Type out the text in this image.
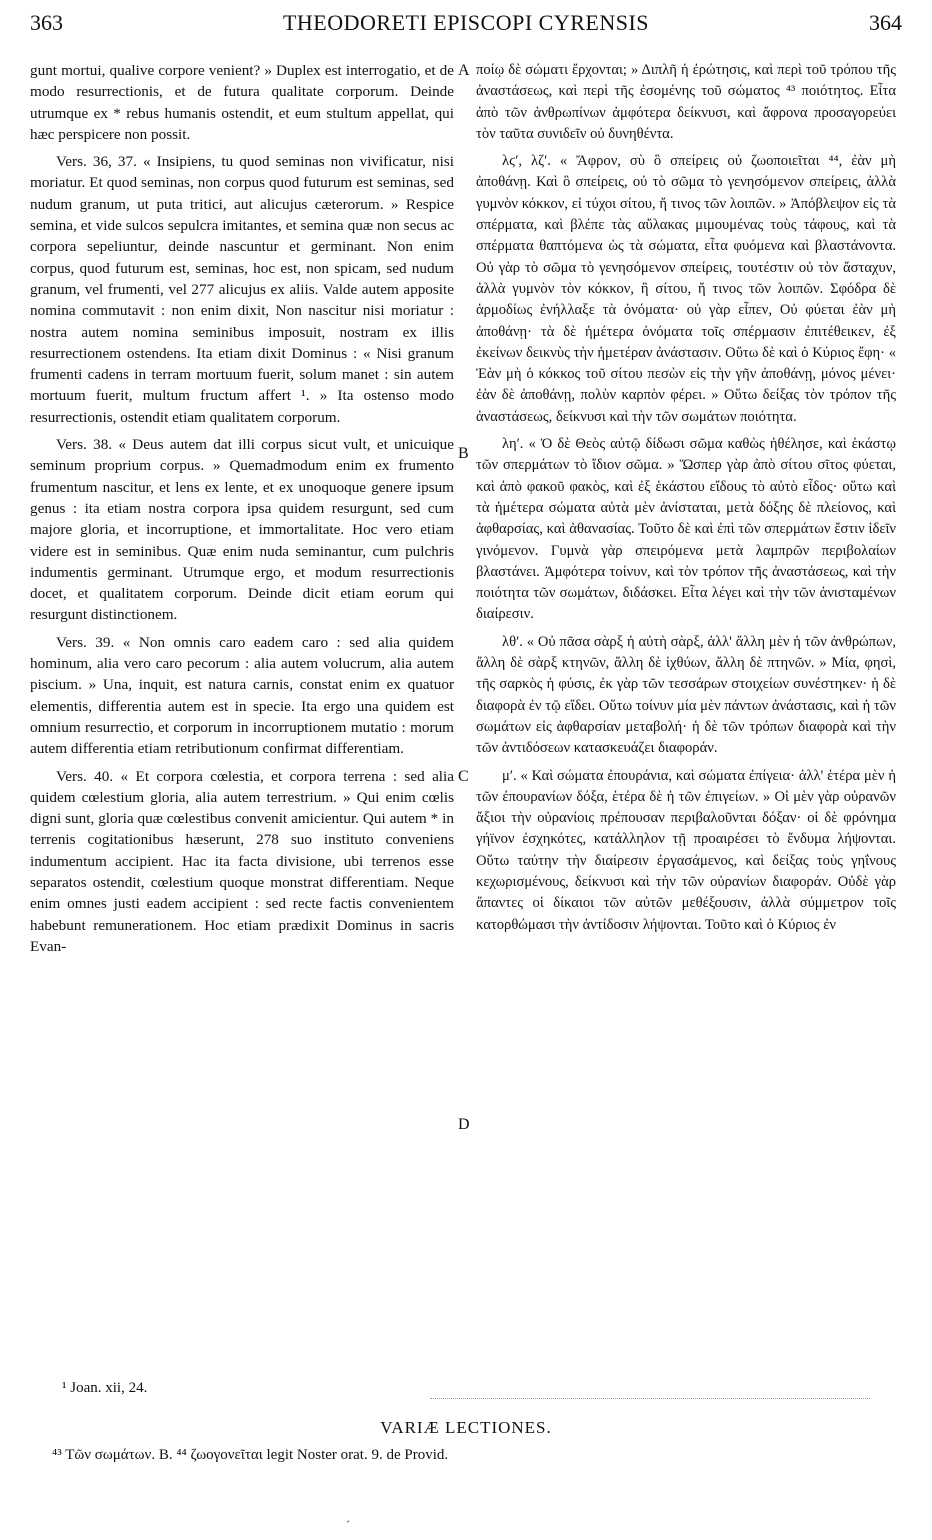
363	THEODORETI EPISCOPI CYRENSIS	364

gunt mortui, qualive corpore venient? » Duplex est interrogatio, et de modo resurrectionis, et de futura qualitate corporum. Deinde utrumque ex * rebus humanis ostendit, et eum stultum appellat, qui hæc perspicere non possit.

Vers. 36, 37. « Insipiens, tu quod seminas non vivificatur, nisi moriatur. Et quod seminas, non corpus quod futurum est seminas, sed nudum granum, ut puta tritici, aut alicujus cæterorum. » Respice semina, et vide sulcos sepulcra imitantes, et semina quæ non secus ac corpora sepeliuntur, deinde nascuntur et germinant. Non enim corpus, quod futurum est, seminas, hoc est, non spicam, sed nudum granum, vel frumenti, vel 277 alicujus ex aliis. Valde autem apposite nomina commutavit : non enim dixit, Non nascitur nisi moriatur : nostra autem nomina seminibus imposuit, nostram ex illis resurrectionem ostendens. Ita etiam dixit Dominus : « Nisi granum frumenti cadens in terram mortuum fuerit, solum manet : sin autem mortuum fuerit, multum fructum affert ¹. » Ita ostenso modo resurrectionis, ostendit etiam qualitatem corporum.

Vers. 38. « Deus autem dat illi corpus sicut vult, et unicuique seminum proprium corpus. » Quemadmodum enim ex frumento frumentum nascitur, et lens ex lente, et ex unoquoque genere ipsum genus : ita etiam nostra corpora ipsa quidem resurgunt, sed cum majore gloria, et incorruptione, et immortalitate. Hoc vero etiam videre est in seminibus. Quæ enim nuda seminantur, cum pulchris indumentis germinant. Utrumque ergo, et modum resurrectionis docet, et qualitatem corporum. Deinde dicit etiam eorum qui resurgunt distinctionem.

Vers. 39. « Non omnis caro eadem caro : sed alia quidem hominum, alia vero caro pecorum : alia autem volucrum, alia autem piscium. » Una, inquit, est natura carnis, constat enim ex quatuor elementis, differentia autem est in specie. Ita ergo una quidem est omnium resurrectio, et corporum in incorruptionem mutatio : morum autem differentia etiam retributionum confirmat differentiam.

Vers. 40. « Et corpora cœlestia, et corpora terrena : sed alia quidem cœlestium gloria, alia autem terrestrium. » Qui enim cœlis digni sunt, gloria quæ cœlestibus convenit amicientur. Qui autem * in terrenis cogitationibus hæserunt, 278 suo instituto conveniens indumentum accipient. Hac ita facta divisione, ubi terrenos esse separatos ostendit, cœlestium quoque monstrat differentiam. Neque enim omnes justi eadem accipient : sed recte factis convenientem habebunt remunerationem. Hoc etiam prædixit Dominus in sacris Evan-

A
B
C
D

ποίῳ δὲ σώματι ἔρχονται; » Διπλῆ ἡ ἐρώτησις, καὶ περὶ τοῦ τρόπου τῆς ἀναστάσεως, καὶ περὶ τῆς ἐσομένης τοῦ σώματος ⁴³ ποιότητος. Εἶτα ἀπὸ τῶν ἀνθρωπίνων ἀμφότερα δείκνυσι, καὶ ἄφρονα προσαγορεύει τὸν ταῦτα συνιδεῖν οὐ δυνηθέντα.

λϛʹ, λζʹ. « Ἄφρον, σὺ ὃ σπείρεις οὐ ζωοποιεῖται ⁴⁴, ἐὰν μὴ ἀποθάνῃ. Καὶ ὃ σπείρεις, οὐ τὸ σῶμα τὸ γενησόμενον σπείρεις, ἀλλὰ γυμνὸν κόκκον, εἰ τύχοι σίτου, ἤ τινος τῶν λοιπῶν. » Ἀπόβλεψον εἰς τὰ σπέρματα, καὶ βλέπε τὰς αὔλακας μιμουμένας τοὺς τάφους, καὶ τὰ σπέρματα θαπτόμενα ὡς τὰ σώματα, εἶτα φυόμενα καὶ βλαστάνοντα. Οὐ γὰρ τὸ σῶμα τὸ γενησόμενον σπείρεις, τουτέστιν οὐ τὸν ἄσταχυν, ἀλλὰ γυμνὸν τὸν κόκκον, ἢ σίτου, ἤ τινος τῶν λοιπῶν. Σφόδρα δὲ ἁρμοδίως ἐνήλλαξε τὰ ὀνόματα· οὐ γὰρ εἶπεν, Οὐ φύεται ἐὰν μὴ ἀποθάνῃ· τὰ δὲ ἡμέτερα ὀνόματα τοῖς σπέρμασιν ἐπιτέθεικεν, ἐξ ἐκείνων δεικνὺς τὴν ἡμετέραν ἀνάστασιν. Οὕτω δὲ καὶ ὁ Κύριος ἔφη· « Ἐὰν μὴ ὁ κόκκος τοῦ σίτου πεσὼν εἰς τὴν γῆν ἀποθάνῃ, μόνος μένει· ἐὰν δὲ ἀποθάνῃ, πολὺν καρπὸν φέρει. » Οὕτω δείξας τὸν τρόπον τῆς ἀναστάσεως, δείκνυσι καὶ τὴν τῶν σωμάτων ποιότητα.

ληʹ. « Ὁ δὲ Θεὸς αὐτῷ δίδωσι σῶμα καθὼς ἠθέλησε, καὶ ἑκάστῳ τῶν σπερμάτων τὸ ἴδιον σῶμα. » Ὥσπερ γὰρ ἀπὸ σίτου σῖτος φύεται, καὶ ἀπὸ φακοῦ φακὸς, καὶ ἐξ ἑκάστου εἴδους τὸ αὐτὸ εἶδος· οὕτω καὶ τὰ ἡμέτερα σώματα αὐτὰ μὲν ἀνίσταται, μετὰ δόξης δὲ πλείονος, καὶ ἀφθαρσίας, καὶ ἀθανασίας. Τοῦτο δὲ καὶ ἐπὶ τῶν σπερμάτων ἔστιν ἰδεῖν γινόμενον. Γυμνὰ γὰρ σπειρόμενα μετὰ λαμπρῶν περιβολαίων βλαστάνει. Ἀμφότερα τοίνυν, καὶ τὸν τρόπον τῆς ἀναστάσεως, καὶ τὴν ποιότητα τῶν σωμάτων, διδάσκει. Εἶτα λέγει καὶ τὴν τῶν ἀνισταμένων διαίρεσιν.

λθʹ. « Οὐ πᾶσα σὰρξ ἡ αὐτὴ σὰρξ, ἀλλ' ἄλλη μὲν ἡ τῶν ἀνθρώπων, ἄλλη δὲ σὰρξ κτηνῶν, ἄλλη δὲ ἰχθύων, ἄλλη δὲ πτηνῶν. » Μία, φησὶ, τῆς σαρκὸς ἡ φύσις, ἐκ γὰρ τῶν τεσσάρων στοιχείων συνέστηκεν· ἡ δὲ διαφορὰ ἐν τῷ εἴδει. Οὕτω τοίνυν μία μὲν πάντων ἀνάστασις, καὶ ἡ τῶν σωμάτων εἰς ἀφθαρσίαν μεταβολή· ἡ δὲ τῶν τρόπων διαφορὰ καὶ τὴν τῶν ἀντιδόσεων κατασκευάζει διαφοράν.

μʹ. « Καὶ σώματα ἐπουράνια, καὶ σώματα ἐπίγεια· ἀλλ' ἑτέρα μὲν ἡ τῶν ἐπουρανίων δόξα, ἑτέρα δὲ ἡ τῶν ἐπιγείων. » Οἱ μὲν γὰρ οὐρανῶν ἄξιοι τὴν οὐρανίοις πρέπουσαν περιβαλοῦνται δόξαν· οἱ δὲ φρόνημα γήϊνον ἐσχηκότες, κατάλληλον τῇ προαιρέσει τὸ ἔνδυμα λήψονται. Οὕτω ταύτην τὴν διαίρεσιν ἐργασάμενος, καὶ δείξας τοὺς γηΐνους κεχωρισμένους, δείκνυσι καὶ τὴν τῶν οὐρανίων διαφοράν. Οὐδὲ γὰρ ἅπαντες οἱ δίκαιοι τῶν αὐτῶν μεθέξουσιν, ἀλλὰ σύμμετρον τοῖς κατορθώμασι τὴν ἀντίδοσιν λήψονται. Τοῦτο καὶ ὁ Κύριος ἐν

¹ Joan. xii, 24.
VARIÆ LECTIONES.
⁴³ Τῶν σωμάτων. B. ⁴⁴ ζωογονεῖται legit Noster orat. 9. de Provid.
´
